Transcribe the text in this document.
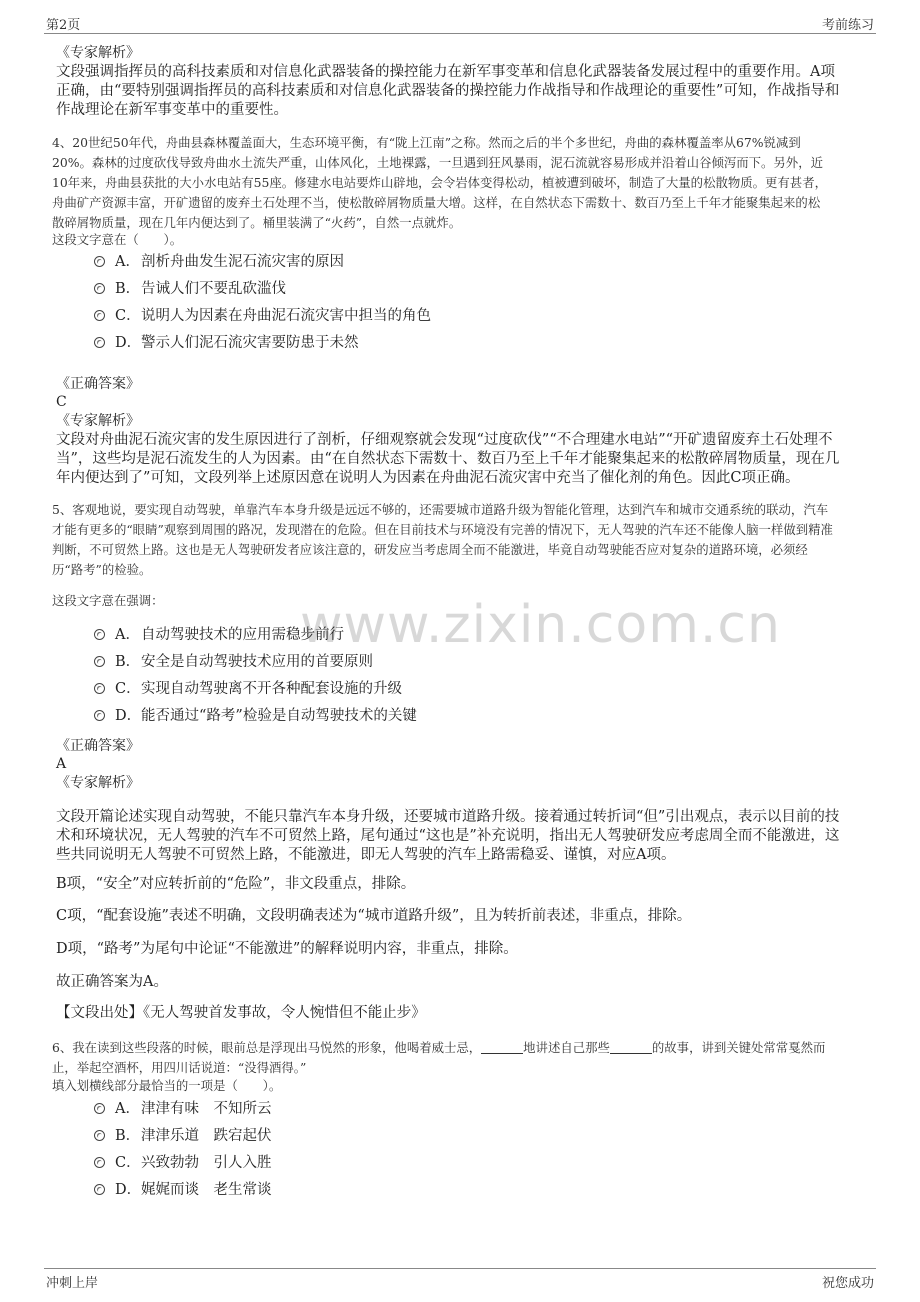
第2页	考前练习
www.zixin.com.cn
《专家解析》
文段强调指挥员的高科技素质和对信息化武器装备的操控能力在新军事变革和信息化武器装备发展过程中的重要作用。A项
正确，由“要特别强调指挥员的高科技素质和对信息化武器装备的操控能力作战指导和作战理论的重要性”可知，作战指导和
作战理论在新军事变革中的重要性。
4、20世纪50年代，舟曲县森林覆盖面大，生态环境平衡，有“陇上江南”之称。然而之后的半个多世纪，舟曲的森林覆盖率从67%锐减到
20%。森林的过度砍伐导致舟曲水土流失严重，山体风化，土地裸露，一旦遇到狂风暴雨，泥石流就容易形成并沿着山谷倾泻而下。另外，近
10年来，舟曲县获批的大小水电站有55座。修建水电站要炸山辟地，会令岩体变得松动，植被遭到破坏，制造了大量的松散物质。更有甚者，
舟曲矿产资源丰富，开矿遗留的废弃土石处理不当，使松散碎屑物质量大增。这样，在自然状态下需数十、数百乃至上千年才能聚集起来的松
散碎屑物质量，现在几年内便达到了。桶里装满了“火药”，自然一点就炸。
这段文字意在（　　）。
A．剖析舟曲发生泥石流灾害的原因
B．告诫人们不要乱砍滥伐
C．说明人为因素在舟曲泥石流灾害中担当的角色
D．警示人们泥石流灾害要防患于未然
《正确答案》
C
《专家解析》
文段对舟曲泥石流灾害的发生原因进行了剖析，仔细观察就会发现“过度砍伐”“不合理建水电站”“开矿遗留废弃土石处理不
当”，这些均是泥石流发生的人为因素。由“在自然状态下需数十、数百乃至上千年才能聚集起来的松散碎屑物质量，现在几
年内便达到了”可知，文段列举上述原因意在说明人为因素在舟曲泥石流灾害中充当了催化剂的角色。因此C项正确。
5、客观地说，要实现自动驾驶，单靠汽车本身升级是远远不够的，还需要城市道路升级为智能化管理，达到汽车和城市交通系统的联动，汽车
才能有更多的“眼睛”观察到周围的路况，发现潜在的危险。但在目前技术与环境没有完善的情况下，无人驾驶的汽车还不能像人脑一样做到精准
判断，不可贸然上路。这也是无人驾驶研发者应该注意的，研发应当考虑周全而不能激进，毕竟自动驾驶能否应对复杂的道路环境，必须经
历“路考”的检验。
这段文字意在强调：
A．自动驾驶技术的应用需稳步前行
B．安全是自动驾驶技术应用的首要原则
C．实现自动驾驶离不开各种配套设施的升级
D．能否通过“路考”检验是自动驾驶技术的关键
《正确答案》
A
《专家解析》
文段开篇论述实现自动驾驶，不能只靠汽车本身升级，还要城市道路升级。接着通过转折词“但”引出观点，表示以目前的技
术和环境状况，无人驾驶的汽车不可贸然上路，尾句通过“这也是”补充说明，指出无人驾驶研发应考虑周全而不能激进，这
些共同说明无人驾驶不可贸然上路，不能激进，即无人驾驶的汽车上路需稳妥、谨慎，对应A项。
B项，“安全”对应转折前的“危险”，非文段重点，排除。
C项，“配套设施”表述不明确，文段明确表述为“城市道路升级”，且为转折前表述，非重点，排除。
D项，“路考”为尾句中论证“不能激进”的解释说明内容，非重点，排除。
故正确答案为A。
【文段出处】《无人驾驶首发事故，令人惋惜但不能止步》
6、我在读到这些段落的时候，眼前总是浮现出马悦然的形象，他喝着威士忌，	地讲述自己那些	的故事，讲到关键处常常戛然而
止，举起空酒杯，用四川话说道：“没得酒得。”
填入划横线部分最恰当的一项是（　　）。
A．津津有味　不知所云
B．津津乐道　跌宕起伏
C．兴致勃勃　引人入胜
D．娓娓而谈　老生常谈
冲刺上岸	祝您成功
